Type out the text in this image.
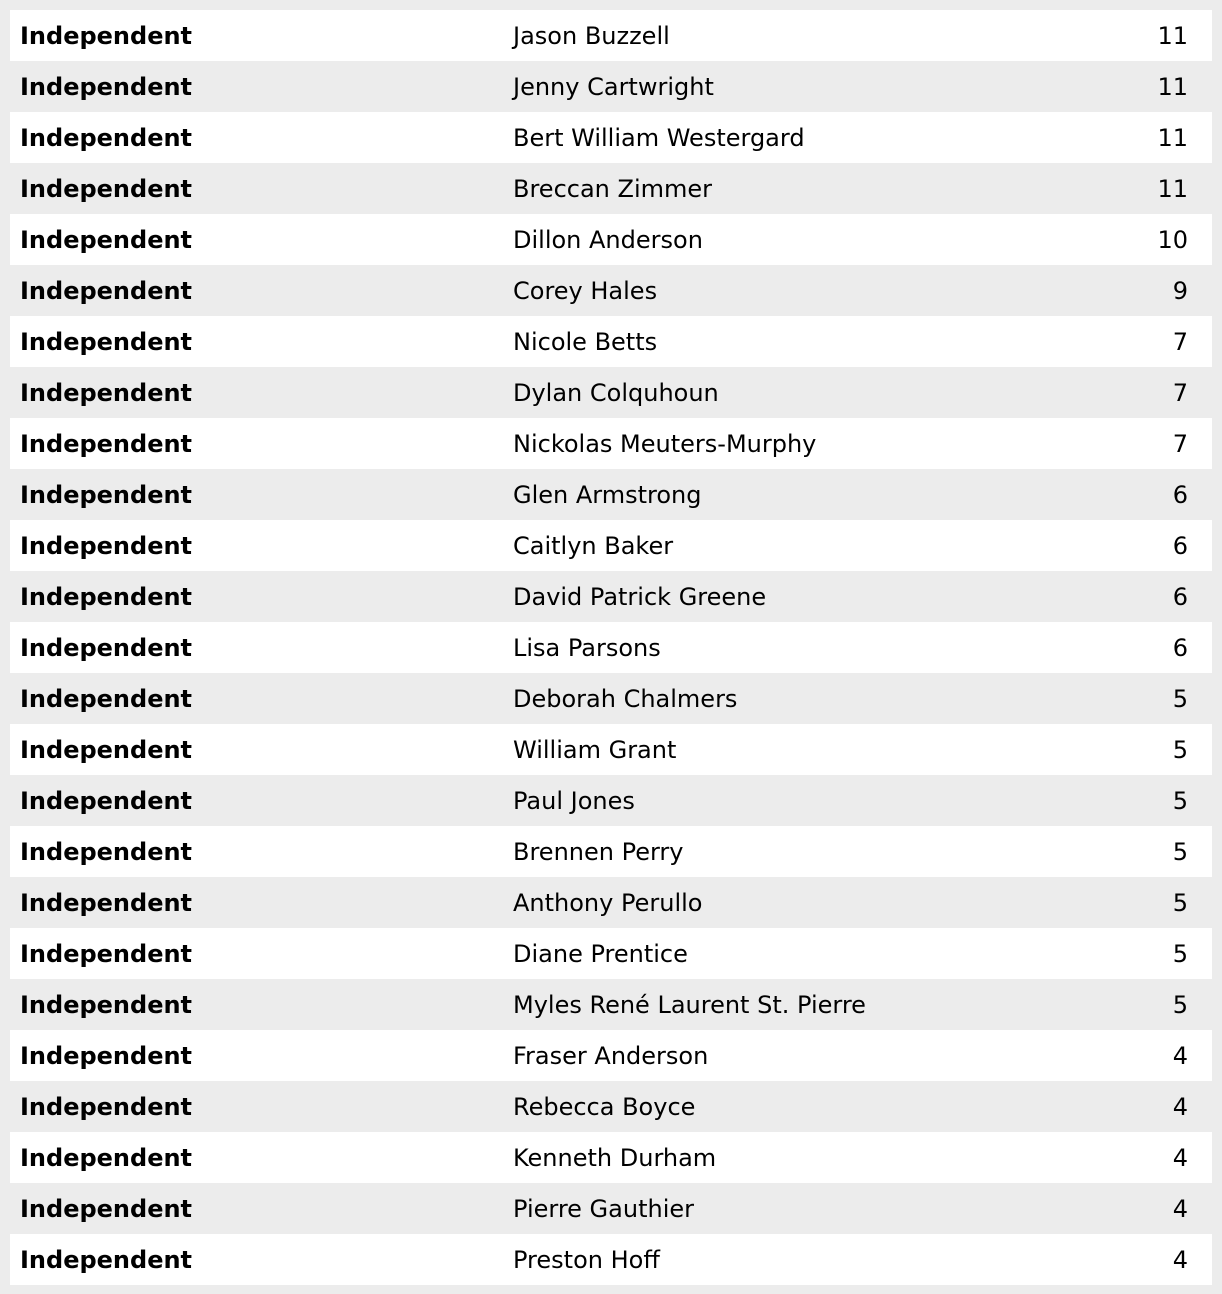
Independent	Jason Buzzell	11
Independent	Jenny Cartwright	11
Independent	Bert William Westergard	11
Independent	Breccan Zimmer	11
Independent	Dillon Anderson	10
Independent	Corey Hales	9
Independent	Nicole Betts	7
Independent	Dylan Colquhoun	7
Independent	Nickolas Meuters-Murphy	7
Independent	Glen Armstrong	6
Independent	Caitlyn Baker	6
Independent	David Patrick Greene	6
Independent	Lisa Parsons	6
Independent	Deborah Chalmers	5
Independent	William Grant	5
Independent	Paul Jones	5
Independent	Brennen Perry	5
Independent	Anthony Perullo	5
Independent	Diane Prentice	5
Independent	Myles René Laurent St. Pierre	5
Independent	Fraser Anderson	4
Independent	Rebecca Boyce	4
Independent	Kenneth Durham	4
Independent	Pierre Gauthier	4
Independent	Preston Hoff	4
